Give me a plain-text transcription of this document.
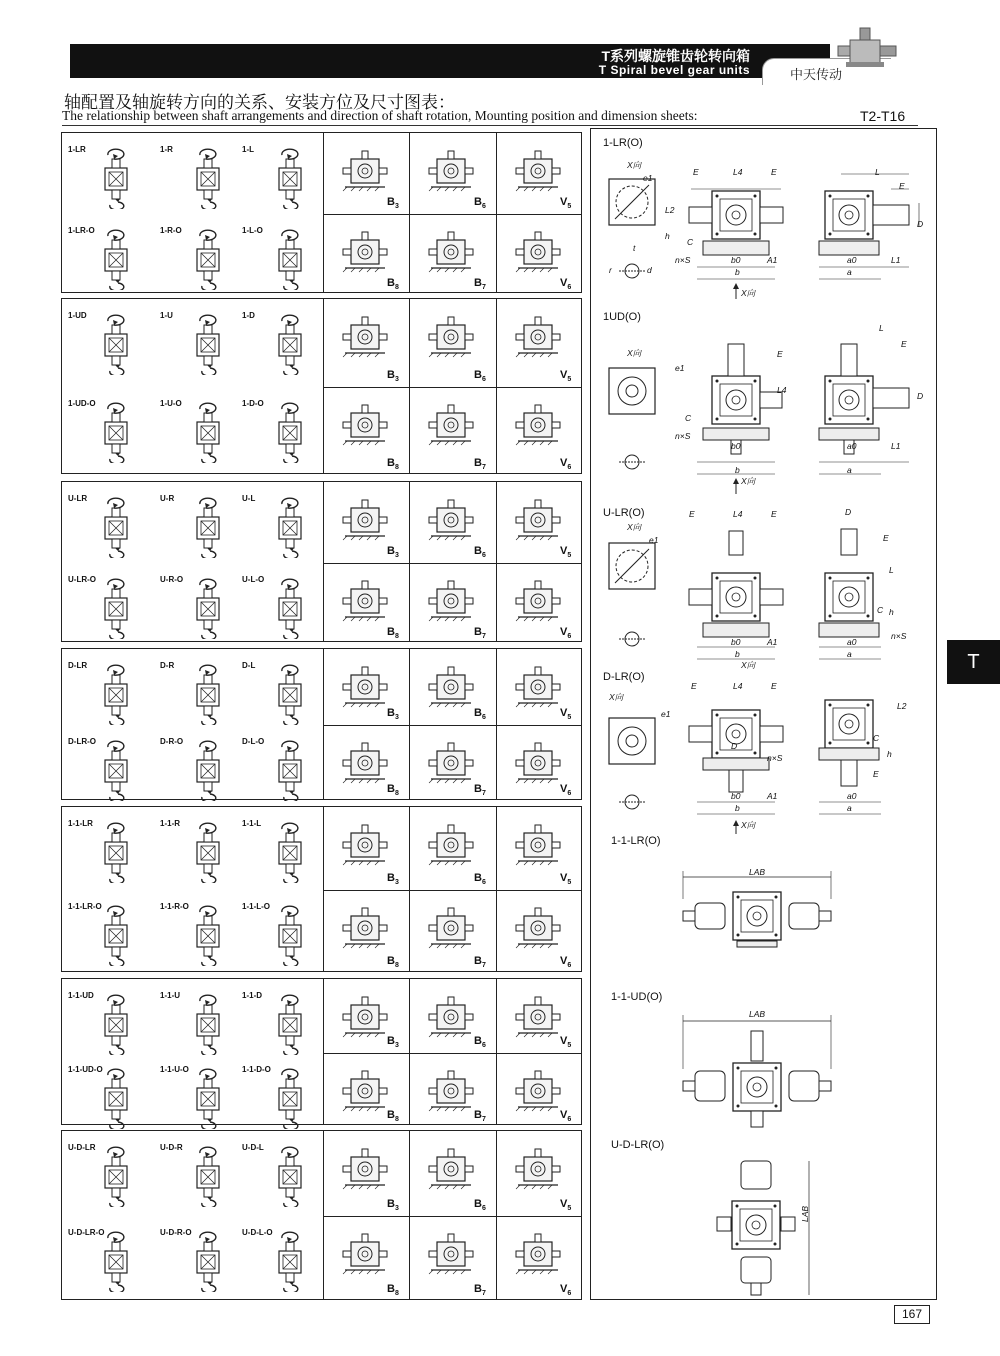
T系列螺旋锥齿轮转向箱
T Spiral bevel gear units	中天传动
轴配置及轴旋转方向的关系、安装方位及尺寸图表：
The relationship between shaft arrangements and direction of shaft rotation, Mounting position and dimension sheets:	T2-T16
1-LR	1-R	1-L
1-LR-O	1-R-O	1-L-O
$B_3$	$B_6$	$V_5$
$B_8$	$B_7$	$V_6$
1-UD	1-U	1-D
1-UD-O	1-U-O	1-D-O
$B_3$	$B_6$	$V_5$
$B_8$	$B_7$	$V_6$
U-LR	U-R	U-L
U-LR-O	U-R-O	U-L-O
$B_3$	$B_6$	$V_5$
$B_8$	$B_7$	$V_6$
D-LR	D-R	D-L
D-LR-O	D-R-O	D-L-O
$B_3$	$B_6$	$V_5$
$B_8$	$B_7$	$V_6$
1-1-LR	1-1-R	1-1-L
1-1-LR-O	1-1-R-O	1-1-L-O
$B_3$	$B_6$	$V_5$
$B_8$	$B_7$	$V_6$
1-1-UD	1-1-U	1-1-D
1-1-UD-O	1-1-U-O	1-1-D-O
$B_3$	$B_6$	$V_5$
$B_8$	$B_7$	$V_6$
U-D-LR	U-D-R	U-D-L
U-D-LR-O	U-D-R-O	U-D-L-O
$B_3$	$B_6$	$V_5$
$B_8$	$B_7$	$V_6$
1-LR(O)
1UD(O)
U-LR(O)
D-LR(O)
1-1-LR(O)
1-1-UD(O)
U-D-LR(O)
X向
e1
E	L4	E
L2
h
C
n×S	b0	A1
b
X向
L
E
D
a0	L1
a
t
r	d
X向
e1
E
L4
C
n×S
b0
b
X向
L
E
D
a0	L1
a
X向
e1
E	L4	E
b0	A1
b
X向
D
E
L
C h
n×S
a0
a
X向
e1
E	L4	E
D
n×S
b0	A1
b
X向
L2
C
h
E
a0
a
LAB
LAB
LAB
T
167
